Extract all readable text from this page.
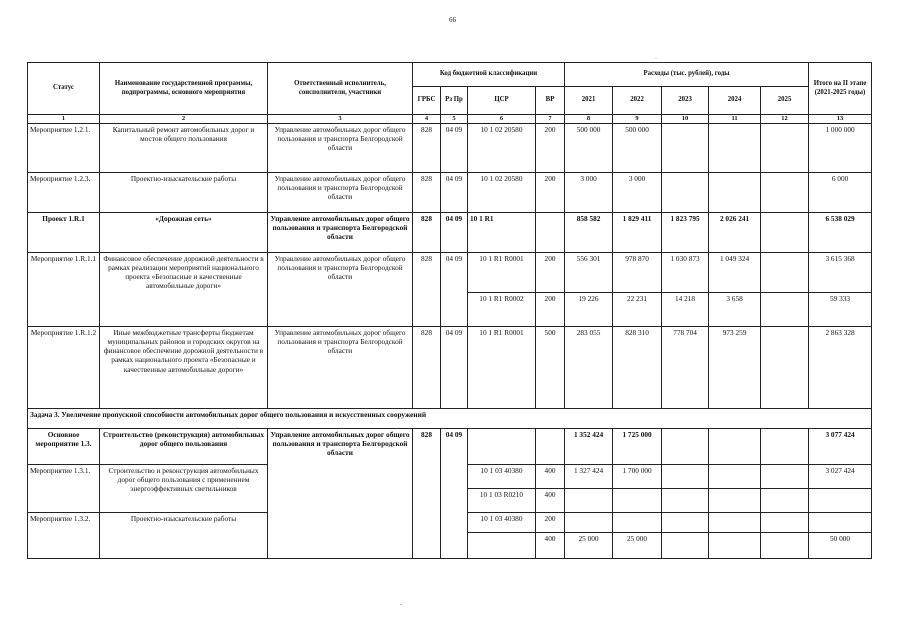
66
·
-
Статус	Наименование государственной программы, подпрограммы, основного мероприятия	Ответственный исполнитель, соисполнители, участники	Код бюджетной классификации				Расходы (тыс. рублей), годы					Итого на II этапе (2021-2025 годы)
			ГРБС	Рз Пр	ЦСР	ВР	2021	2022	2023	2024	2025	
1	2	3	4	5	6	7	8	9	10	11	12	13
Мероприятие 1.2.1.	Капитальный ремонт автомобильных дорог и мостов общего пользования	Управление автомобильных дорог общего пользования и транспорта Белгородской области	828	04 09	10 1 02 20580	200	500 000	500 000				1 000 000
Мероприятие 1.2.3.	Проектно-изыскательские работы	Управление автомобильных дорог общего пользования и транспорта Белгородской области	828	04 09	10 1 02 20580	200	3 000	3 000				6 000
Проект 1.R.1	«Дорожная сеть»	Управление автомобильных дорог общего пользования и транспорта Белгородской области	828	04 09	10 1 R1		858 582	1 829 411	1 823 795	2 026 241		6 538 029
Мероприятие 1.R.1.1	Финансовое обеспечение дорожной деятельности в рамках реализации мероприятий национального проекта «Безопасные и качественные автомобильные дороги»	Управление автомобильных дорог общего пользования и транспорта Белгородской области	828	04 09	10 1 R1 R0001	200	556 301	978 870	1 030 873	1 049 324		3 615 368
					10 1 R1 R0002	200	19 226	22 231	14 218	3 658		59 333
Мероприятие 1.R.1.2	Иные межбюджетные трансферты бюджетам муниципальных районов и городских округов на финансовое обеспечение дорожной деятельности в рамках национального проекта «Безопасные и качественные автомобильные дороги»	Управление автомобильных дорог общего пользования и транспорта Белгородской области	828	04 09	10 1 R1 R0001	500	283 055	828 310	778 704	973 259		2 863 328
Задача 3. Увеличение пропускной способности автомобильных дорог общего пользования и искусственных сооружений												
Основное мероприятие 1.3.	Строительство (реконструкция) автомобильных дорог общего пользования	Управление автомобильных дорог общего пользования и транспорта Белгородской области	828	04 09			1 352 424	1 725 000				3 077 424
Мероприятие 1.3.1.	Строительство и реконструкция автомобильных дорог общего пользования с применением энергоэффективных светильников				10 1 03 40380	400	1 327 424	1 700 000				3 027 424
					10 1 03 R0210	400						
Мероприятие 1.3.2.	Проектно-изыскательские работы				10 1 03 40380	200						
						400	25 000	25 000				50 000
